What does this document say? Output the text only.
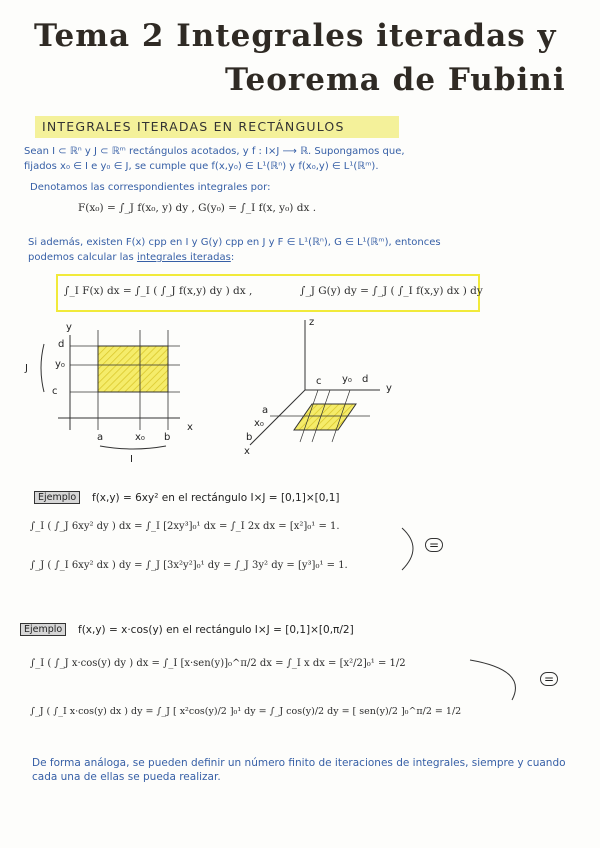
Tema 2 Integrales iteradas y
Teorema de Fubini
INTEGRALES ITERADAS EN RECTÁNGULOS
Sean I ⊂ ℝⁿ y J ⊂ ℝᵐ rectángulos acotados, y f : I×J ⟶ ℝ. Supongamos que,
fijados x₀ ∈ I e y₀ ∈ J, se cumple que f(x,y₀) ∈ L¹(ℝⁿ) y f(x₀,y) ∈ L¹(ℝᵐ).
Denotamos las correspondientes integrales por:
F(x₀) = ∫_J f(x₀, y) dy , G(y₀) = ∫_I f(x, y₀) dx .
Si además, existen F(x) cpp en I y G(y) cpp en J y F ∈ L¹(ℝⁿ), G ∈ L¹(ℝᵐ), entonces
podemos calcular las integrales iteradas:
∫_I F(x) dx = ∫_I ( ∫_J f(x,y) dy ) dx ,	∫_J G(y) dy = ∫_J ( ∫_I f(x,y) dx ) dy
y
x
J
d
y₀
c
a	x₀ b
I
z
y
x
c y₀ d
a
x₀
b
Ejemplo	f(x,y) = 6xy² en el rectángulo I×J = [0,1]×[0,1]
∫_I ( ∫_J 6xy² dy ) dx = ∫_I [2xy³]₀¹ dx = ∫_I 2x dx = [x²]₀¹ = 1.
∫_J ( ∫_I 6xy² dx ) dy = ∫_J [3x²y²]₀¹ dy = ∫_J 3y² dy = [y³]₀¹ = 1.
=
Ejemplo	f(x,y) = x·cos(y) en el rectángulo I×J = [0,1]×[0,π/2]
∫_I ( ∫_J x·cos(y) dy ) dx = ∫_I [x·sen(y)]₀^π/2 dx = ∫_I x dx = [x²/2]₀¹ = 1/2
∫_J ( ∫_I x·cos(y) dx ) dy = ∫_J [ x²cos(y)/2 ]₀¹ dy = ∫_J cos(y)/2 dy = [ sen(y)/2 ]₀^π/2 = 1/2
=
De forma análoga, se pueden definir un número finito de iteraciones de integrales, siempre y cuando cada una de ellas se pueda realizar.
